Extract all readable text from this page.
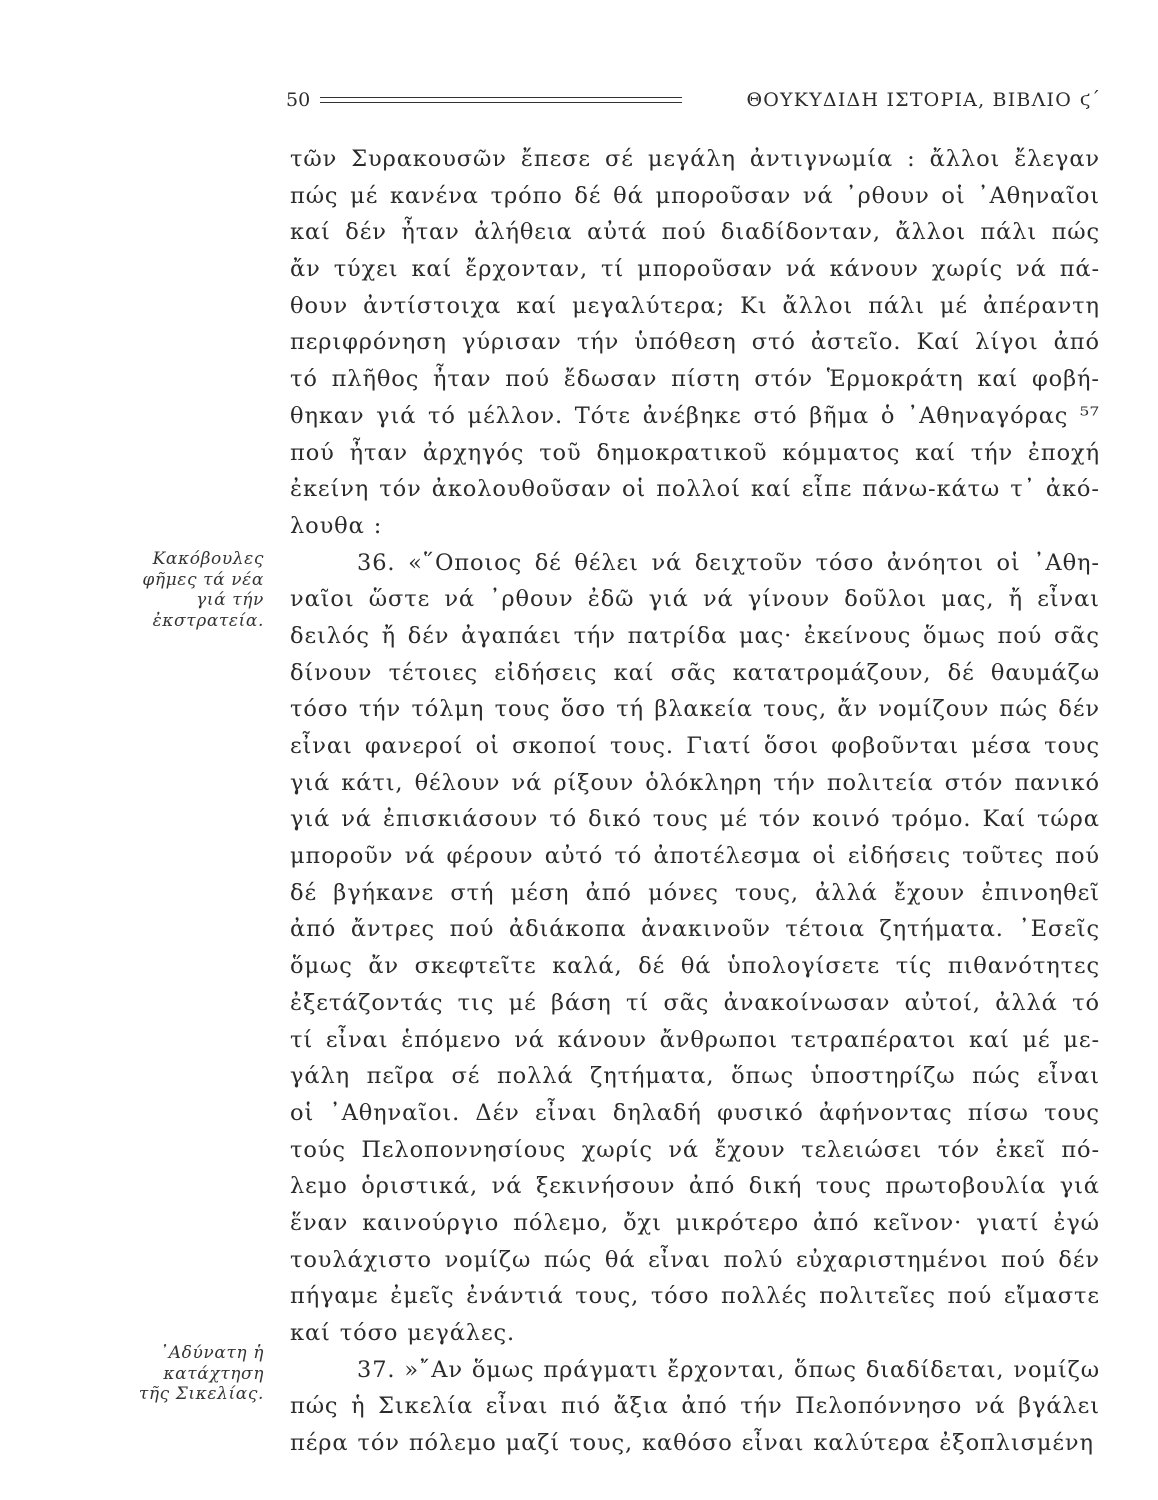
50	ΘΟΥΚΥΔΙΔΗ ΙΣΤΟΡΙΑ, ΒΙΒΛΙΟ ϛ΄
Κακόβουλες
φῆμες τά νέα
γιά τήν
ἐκστρατεία.
᾿Αδύνατη ἡ
κατάχτηση
τῆς Σικελίας.
τῶν Συρακουσῶν ἔπεσε σέ μεγάλη ἀντιγνωμία : ἄλλοι ἔλεγαν
πώς μέ κανένα τρόπο δέ θά μποροῦσαν νά ᾿ρθουν οἱ ᾿Αθηναῖοι
καί δέν ἦταν ἀλήθεια αὐτά πού διαδίδονταν, ἄλλοι πάλι πώς
ἄν τύχει καί ἔρχονταν, τί μποροῦσαν νά κάνουν χωρίς νά πά-
θουν ἀντίστοιχα καί μεγαλύτερα; Κι ἄλλοι πάλι μέ ἀπέραντη
περιφρόνηση γύρισαν τήν ὑπόθεση στό ἀστεῖο. Καί λίγοι ἀπό
τό πλῆθος ἦταν πού ἔδωσαν πίστη στόν Ἑρμοκράτη καί φοβή-
θηκαν γιά τό μέλλον. Τότε ἀνέβηκε στό βῆμα ὁ ᾿Αθηναγόρας ⁵⁷
πού ἦταν ἀρχηγός τοῦ δημοκρατικοῦ κόμματος καί τήν ἐποχή
ἐκείνη τόν ἀκολουθοῦσαν οἱ πολλοί καί εἶπε πάνω-κάτω τ᾿ ἀκό-
λουθα :
36. «῞Οποιος δέ θέλει νά δειχτοῦν τόσο ἀνόητοι οἱ ᾿Αθη-
ναῖοι ὥστε νά ᾿ρθουν ἐδῶ γιά νά γίνουν δοῦλοι μας, ἤ εἶναι
δειλός ἤ δέν ἀγαπάει τήν πατρίδα μας· ἐκείνους ὅμως πού σᾶς
δίνουν τέτοιες εἰδήσεις καί σᾶς κατατρομάζουν, δέ θαυμάζω
τόσο τήν τόλμη τους ὅσο τή βλακεία τους, ἄν νομίζουν πώς δέν
εἶναι φανεροί οἱ σκοποί τους. Γιατί ὅσοι φοβοῦνται μέσα τους
γιά κάτι, θέλουν νά ρίξουν ὁλόκληρη τήν πολιτεία στόν πανικό
γιά νά ἐπισκιάσουν τό δικό τους μέ τόν κοινό τρόμο. Καί τώρα
μποροῦν νά φέρουν αὐτό τό ἀποτέλεσμα οἱ εἰδήσεις τοῦτες πού
δέ βγήκανε στή μέση ἀπό μόνες τους, ἀλλά ἔχουν ἐπινοηθεῖ
ἀπό ἄντρες πού ἀδιάκοπα ἀνακινοῦν τέτοια ζητήματα. ᾿Εσεῖς
ὅμως ἄν σκεφτεῖτε καλά, δέ θά ὑπολογίσετε τίς πιθανότητες
ἐξετάζοντάς τις μέ βάση τί σᾶς ἀνακοίνωσαν αὐτοί, ἀλλά τό
τί εἶναι ἑπόμενο νά κάνουν ἄνθρωποι τετραπέρατοι καί μέ με-
γάλη πεῖρα σέ πολλά ζητήματα, ὅπως ὑποστηρίζω πώς εἶναι
οἱ ᾿Αθηναῖοι. Δέν εἶναι δηλαδή φυσικό ἀφήνοντας πίσω τους
τούς Πελοποννησίους χωρίς νά ἔχουν τελειώσει τόν ἐκεῖ πό-
λεμο ὁριστικά, νά ξεκινήσουν ἀπό δική τους πρωτοβουλία γιά
ἕναν καινούργιο πόλεμο, ὄχι μικρότερο ἀπό κεῖνον· γιατί ἐγώ
τουλάχιστο νομίζω πώς θά εἶναι πολύ εὐχαριστημένοι πού δέν
πήγαμε ἐμεῖς ἐνάντιά τους, τόσο πολλές πολιτεῖες πού εἴμαστε
καί τόσο μεγάλες.
37. »῎Αν ὅμως πράγματι ἔρχονται, ὅπως διαδίδεται, νομίζω
πώς ἡ Σικελία εἶναι πιό ἄξια ἀπό τήν Πελοπόννησο νά βγάλει
πέρα τόν πόλεμο μαζί τους, καθόσο εἶναι καλύτερα ἐξοπλισμένη
